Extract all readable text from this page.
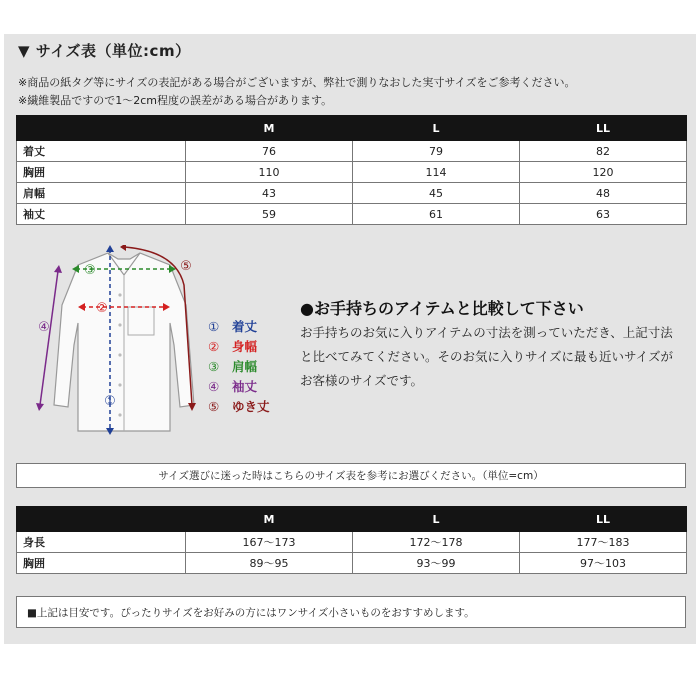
▼ サイズ表（単位:cm）
※商品の紙タグ等にサイズの表記がある場合がございますが、弊社で測りなおした実寸サイズをご参考ください。
※繊維製品ですので1～2cm程度の誤差がある場合があります。
	M	L	LL
着丈	76	79	82
胸囲	110	114	120
肩幅	43	45	48
袖丈	59	61	63
①
②
③
④
⑤
① 着丈
② 身幅
③ 肩幅
④ 袖丈
⑤ ゆき丈
●お手持ちのアイテムと比較して下さい
お手持ちのお気に入りアイテムの寸法を測っていただき、上記寸法と比べてみてください。そのお気に入りサイズに最も近いサイズがお客様のサイズです。
サイズ選びに迷った時はこちらのサイズ表を参考にお選びください。（単位=cm）
	M	L	LL
身長	167～173	172～178	177～183
胸囲	89～95	93～99	97～103
■上記は目安です。ぴったりサイズをお好みの方にはワンサイズ小さいものをおすすめします。
